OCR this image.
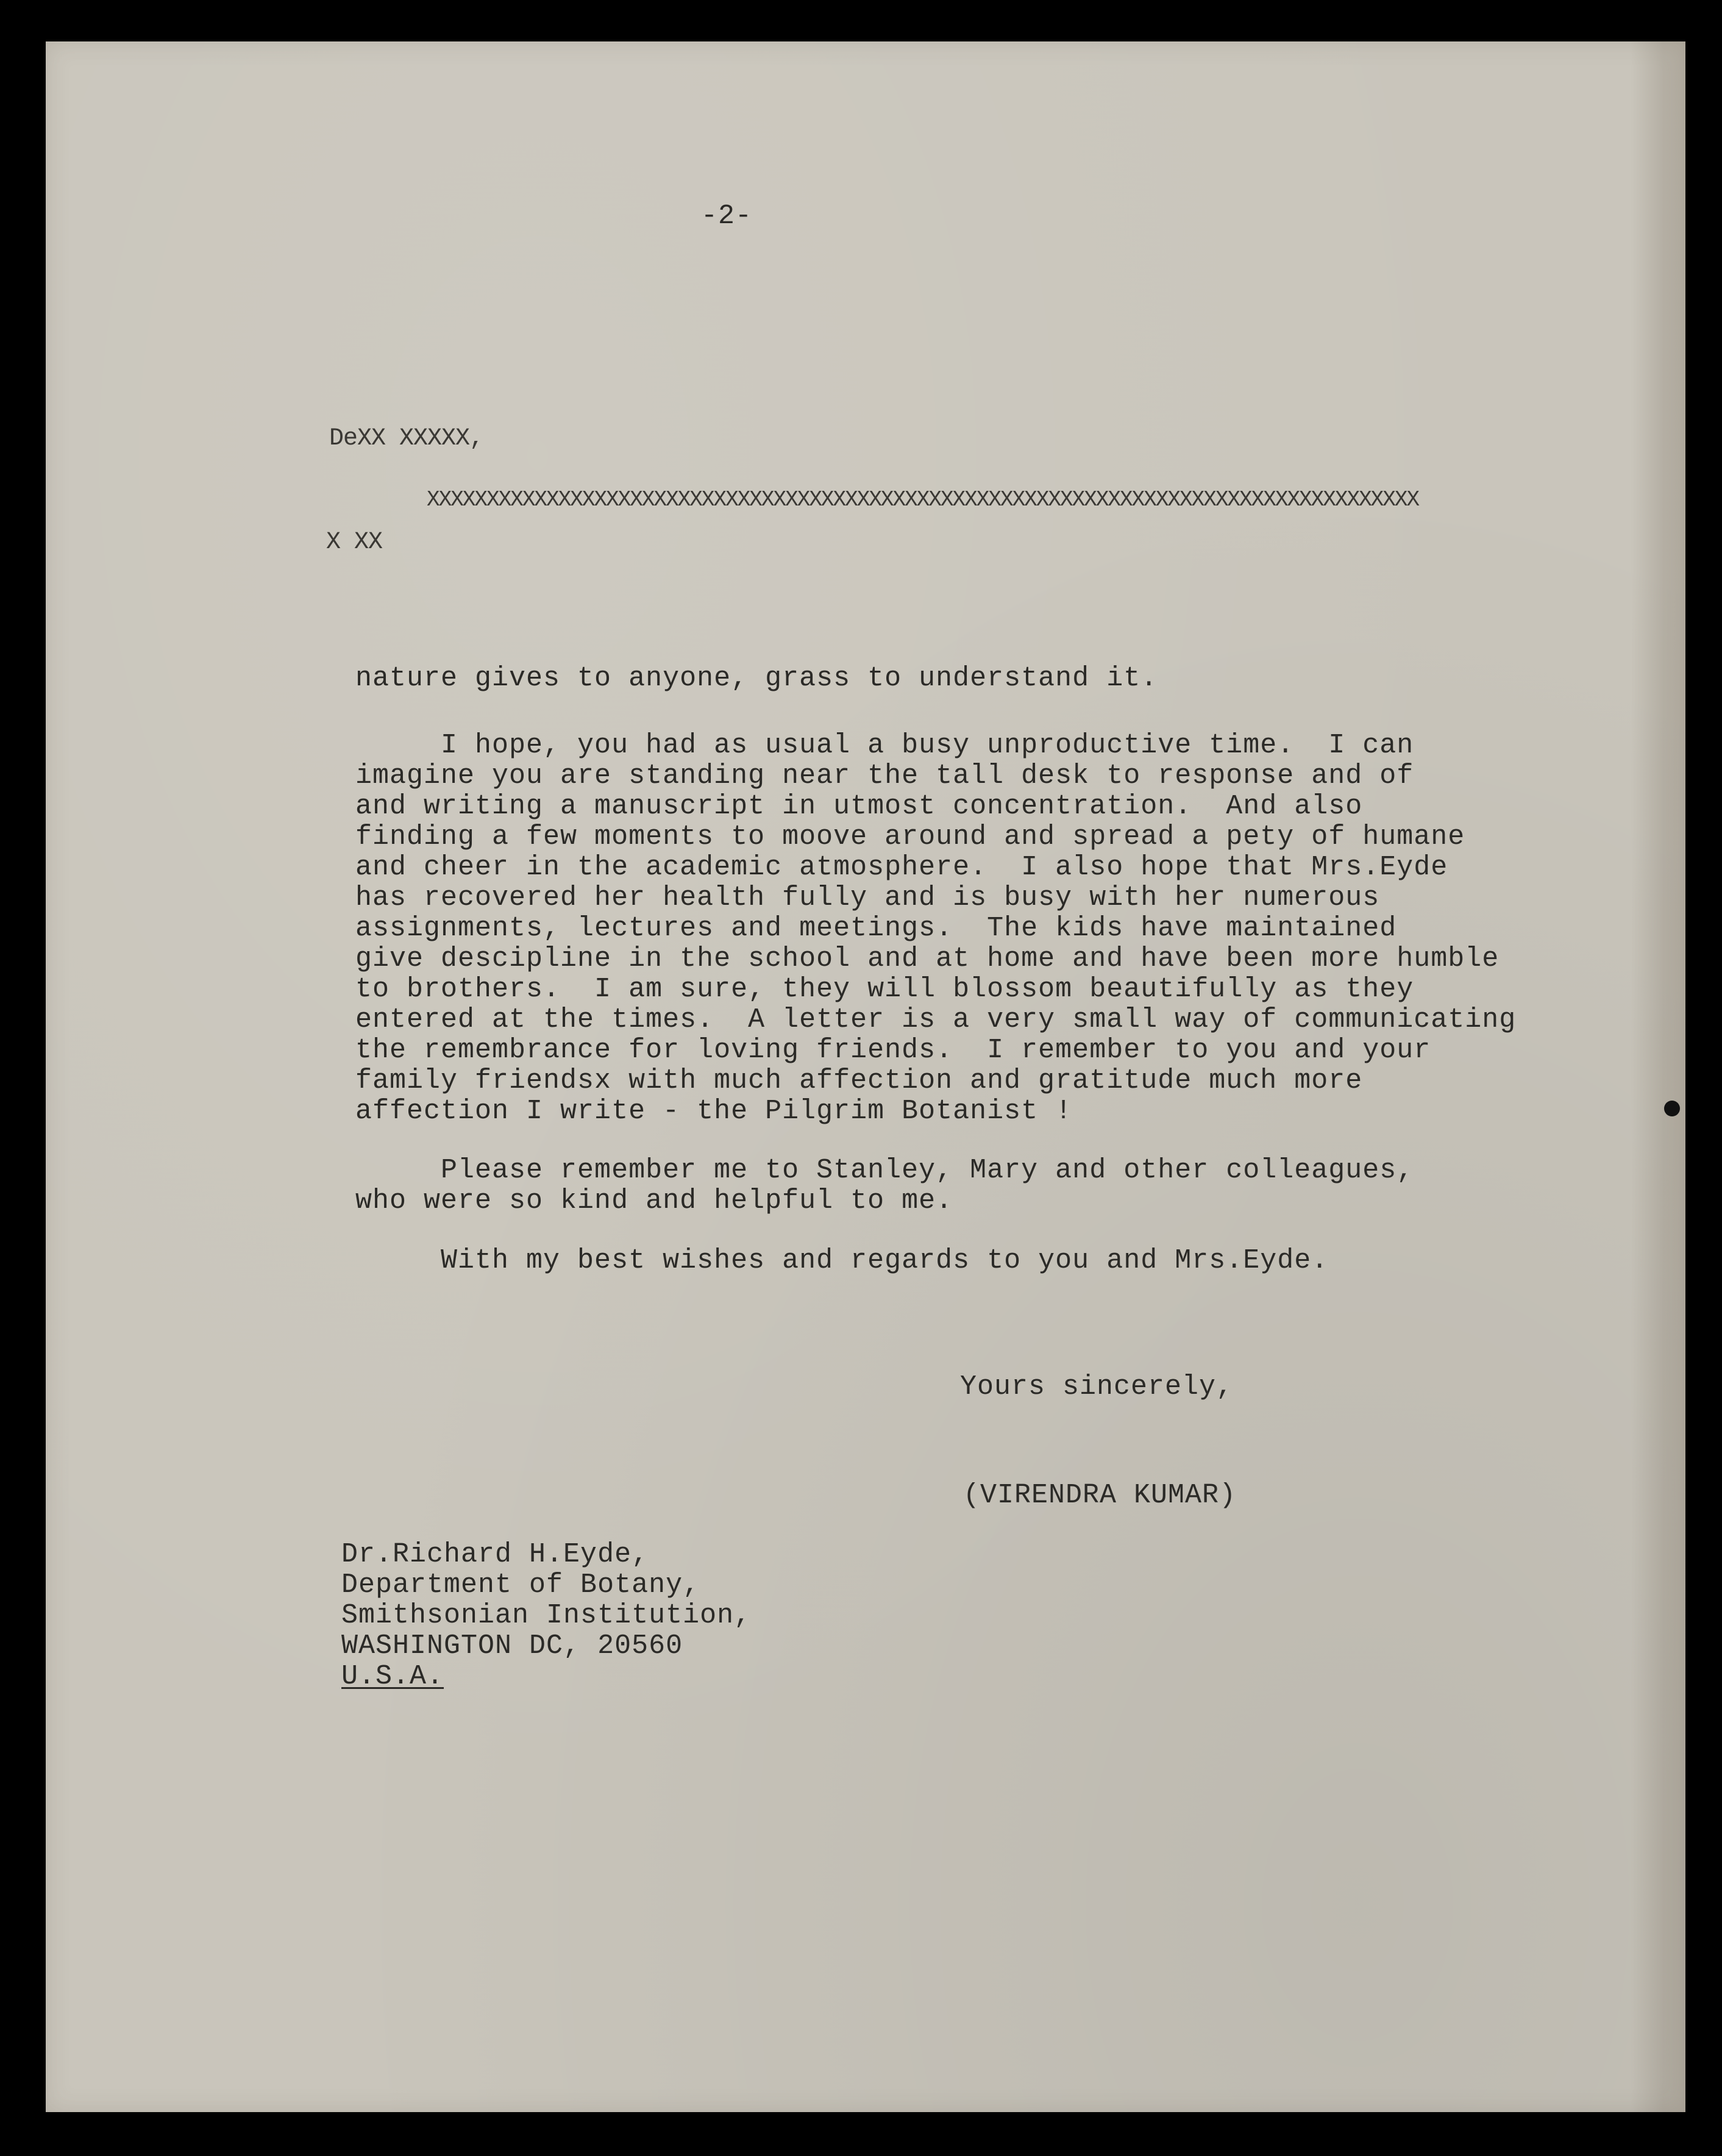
-2-
DeXX XXXXX,
XXXXXXXXXXXXXXXXXXXXXXXXXXXXXXXXXXXXXXXXXXXXXXXXXXXXXXXXXXXXXXXXXXXXXXXXXXXXXXXXXXX
X XX
nature gives to anyone, grass to understand it.
I hope, you had as usual a busy unproductive time.  I can
imagine you are standing near the tall desk to response and of
and writing a manuscript in utmost concentration.  And also
finding a few moments to moove around and spread a pety of humane
and cheer in the academic atmosphere.  I also hope that Mrs.Eyde
has recovered her health fully and is busy with her numerous
assignments, lectures and meetings.  The kids have maintained
give descipline in the school and at home and have been more humble
to brothers.  I am sure, they will blossom beautifully as they
entered at the times.  A letter is a very small way of communicating
the remembrance for loving friends.  I remember to you and your
family friendsx with much affection and gratitude much more
affection I write - the Pilgrim Botanist !
Please remember me to Stanley, Mary and other colleagues,
who were so kind and helpful to me.
With my best wishes and regards to you and Mrs.Eyde.
Yours sincerely,
(VIRENDRA KUMAR)
Dr.Richard H.Eyde,
Department of Botany,
Smithsonian Institution,
WASHINGTON DC, 20560
U.S.A.
